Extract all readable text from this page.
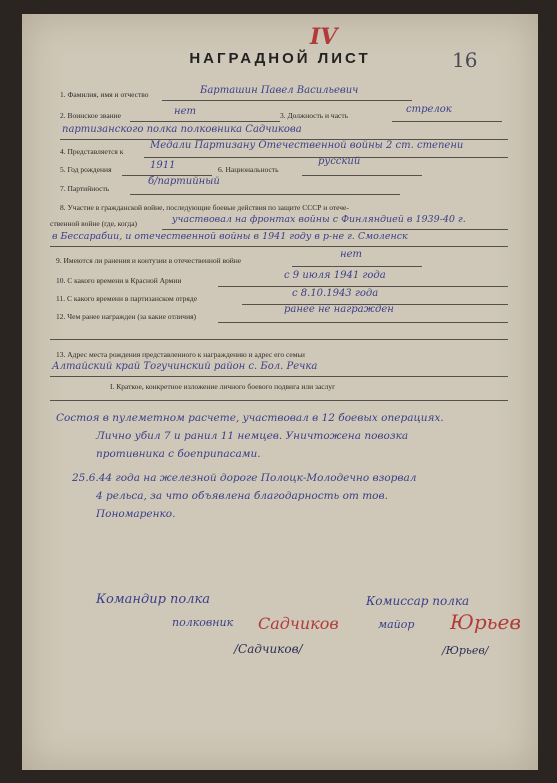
IV
16
НАГРАДНОЙ ЛИСТ
1. Фамилия, имя и отчество	Барташин Павел Васильевич
2. Воинское звание	нет	3. Должность и часть
стрелок
партизанского полка полковника Садчикова
4. Представляется к
Медали Партизану Отечественной войны 2 ст. степени
5. Год рождения	1911	6. Национальность
русский
7. Партийность
б/партийный
8. Участие в гражданской войне, последующие боевые действия по защите СССР и отече-
ственной войне (где, когда)	участвовал на фронтах войны с Финляндией в 1939-40 г.
в Бессарабии, и отечественной войны в 1941 году в р-не г. Смоленск
9. Имеются ли ранения и контузии в отечественной войне
нет
10. С какого времени в Красной Армии	с 9 июля 1941 года
11. С какого времени в партизанском отряде	с 8.10.1943 года
12. Чем ранее награжден (за какие отличия)
ранее не награжден
13. Адрес места рождения представленного к награждению и адрес его семьи
Алтайский край Тогучинский район с. Бол. Речка
I. Краткое, конкретное изложение личного боевого подвига или заслуг
Состоя в пулеметном расчете, участвовал в 12 боевых операциях.
Лично убил 7 и ранил 11 немцев. Уничтожена повозка
противника с боеприпасами.
25.6.44 года на железной дороге Полоцк-Молодечно взорвал
4 рельса, за что объявлена благодарность от тов.
Пономаренко.
Командир полка
полковник Садчиков
/Садчиков/
Комиссар полка
майор Юрьев
/Юрьев/
